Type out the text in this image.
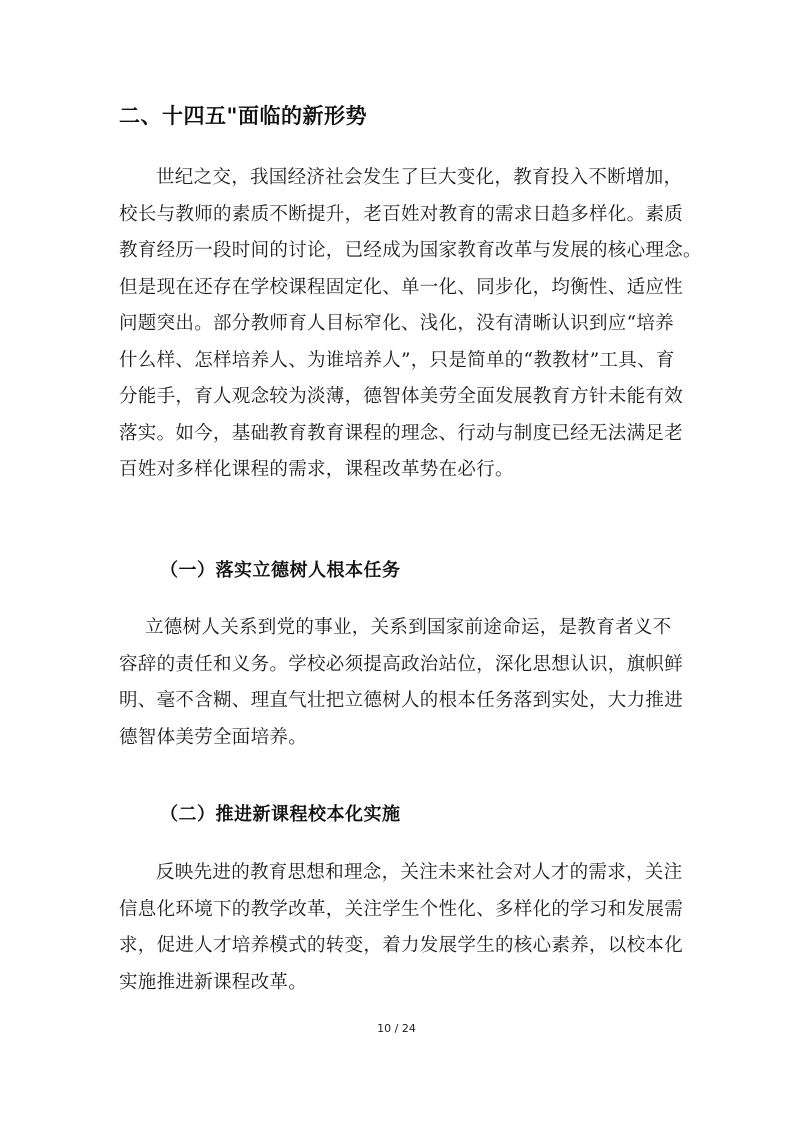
二、十四五"面临的新形势
世纪之交，我国经济社会发生了巨大变化，教育投入不断增加，
校长与教师的素质不断提升，老百姓对教育的需求日趋多样化。素质
教育经历一段时间的讨论，已经成为国家教育改革与发展的核心理念。
但是现在还存在学校课程固定化、单一化、同步化，均衡性、适应性
问题突出。部分教师育人目标窄化、浅化，没有清晰认识到应“培养
什么样、怎样培养人、为谁培养人”，只是简单的“教教材”工具、育
分能手，育人观念较为淡薄，德智体美劳全面发展教育方针未能有效
落实。如今，基础教育教育课程的理念、行动与制度已经无法满足老
百姓对多样化课程的需求，课程改革势在必行。
（一）落实立德树人根本任务
立德树人关系到党的事业，关系到国家前途命运，是教育者义不
容辞的责任和义务。学校必须提高政治站位，深化思想认识，旗帜鲜
明、毫不含糊、理直气壮把立德树人的根本任务落到实处，大力推进
德智体美劳全面培养。
（二）推进新课程校本化实施
反映先进的教育思想和理念，关注未来社会对人才的需求，关注
信息化环境下的教学改革，关注学生个性化、多样化的学习和发展需
求，促进人才培养模式的转变，着力发展学生的核心素养，以校本化
实施推进新课程改革。
10 / 24
